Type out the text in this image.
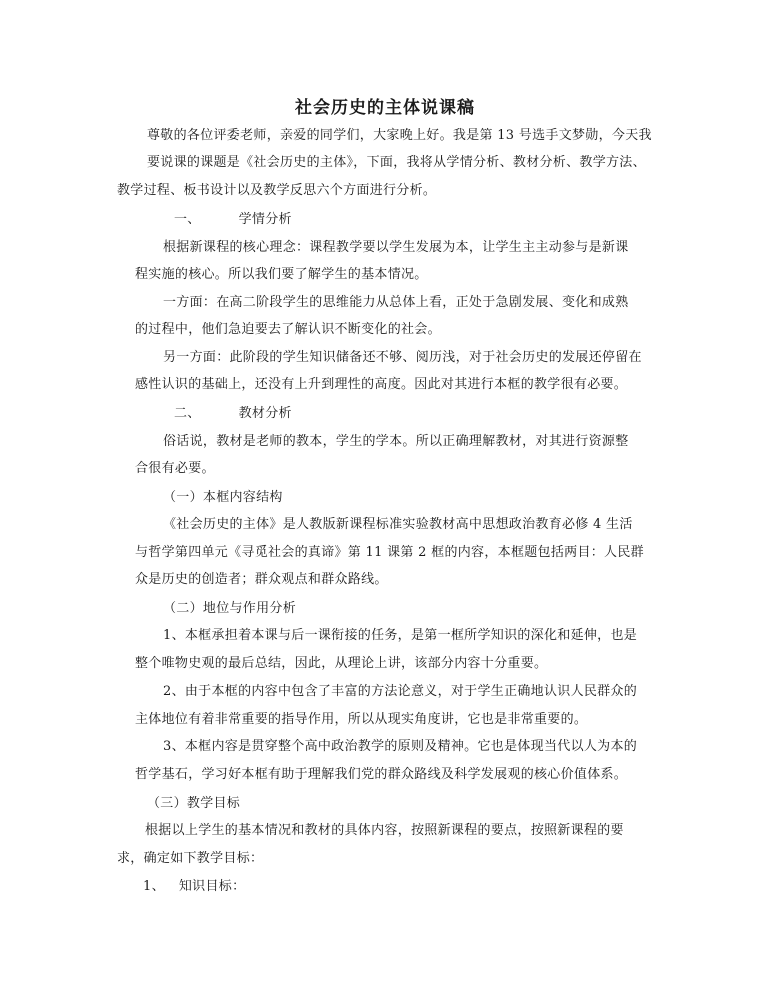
社会历史的主体说课稿
尊敬的各位评委老师，亲爱的同学们，大家晚上好。我是第 13 号选手文梦勋，今天我
要说课的课题是《社会历史的主体》，下面，我将从学情分析、教材分析、教学方法、
教学过程、板书设计以及教学反思六个方面进行分析。
一、	学情分析
根据新课程的核心理念：课程教学要以学生发展为本，让学生主主动参与是新课
程实施的核心。所以我们要了解学生的基本情况。
一方面：在高二阶段学生的思维能力从总体上看，正处于急剧发展、变化和成熟
的过程中，他们急迫要去了解认识不断变化的社会。
另一方面：此阶段的学生知识储备还不够、阅历浅，对于社会历史的发展还停留在
感性认识的基础上，还没有上升到理性的高度。因此对其进行本框的教学很有必要。
二、	教材分析
俗话说，教材是老师的教本，学生的学本。所以正确理解教材，对其进行资源整
合很有必要。
（一）本框内容结构
《社会历史的主体》是人教版新课程标准实验教材高中思想政治教育必修 4 生活
与哲学第四单元《寻觅社会的真谛》第 11 课第 2 框的内容，本框题包括两目：人民群
众是历史的创造者；群众观点和群众路线。
（二）地位与作用分析
1、本框承担着本课与后一课衔接的任务，是第一框所学知识的深化和延伸，也是
整个唯物史观的最后总结，因此，从理论上讲，该部分内容十分重要。
2、由于本框的内容中包含了丰富的方法论意义，对于学生正确地认识人民群众的
主体地位有着非常重要的指导作用，所以从现实角度讲，它也是非常重要的。
3、本框内容是贯穿整个高中政治教学的原则及精神。它也是体现当代以人为本的
哲学基石，学习好本框有助于理解我们党的群众路线及科学发展观的核心价值体系。
（三）教学目标
根据以上学生的基本情况和教材的具体内容，按照新课程的要点，按照新课程的要
求，确定如下教学目标：
1、 知识目标：
